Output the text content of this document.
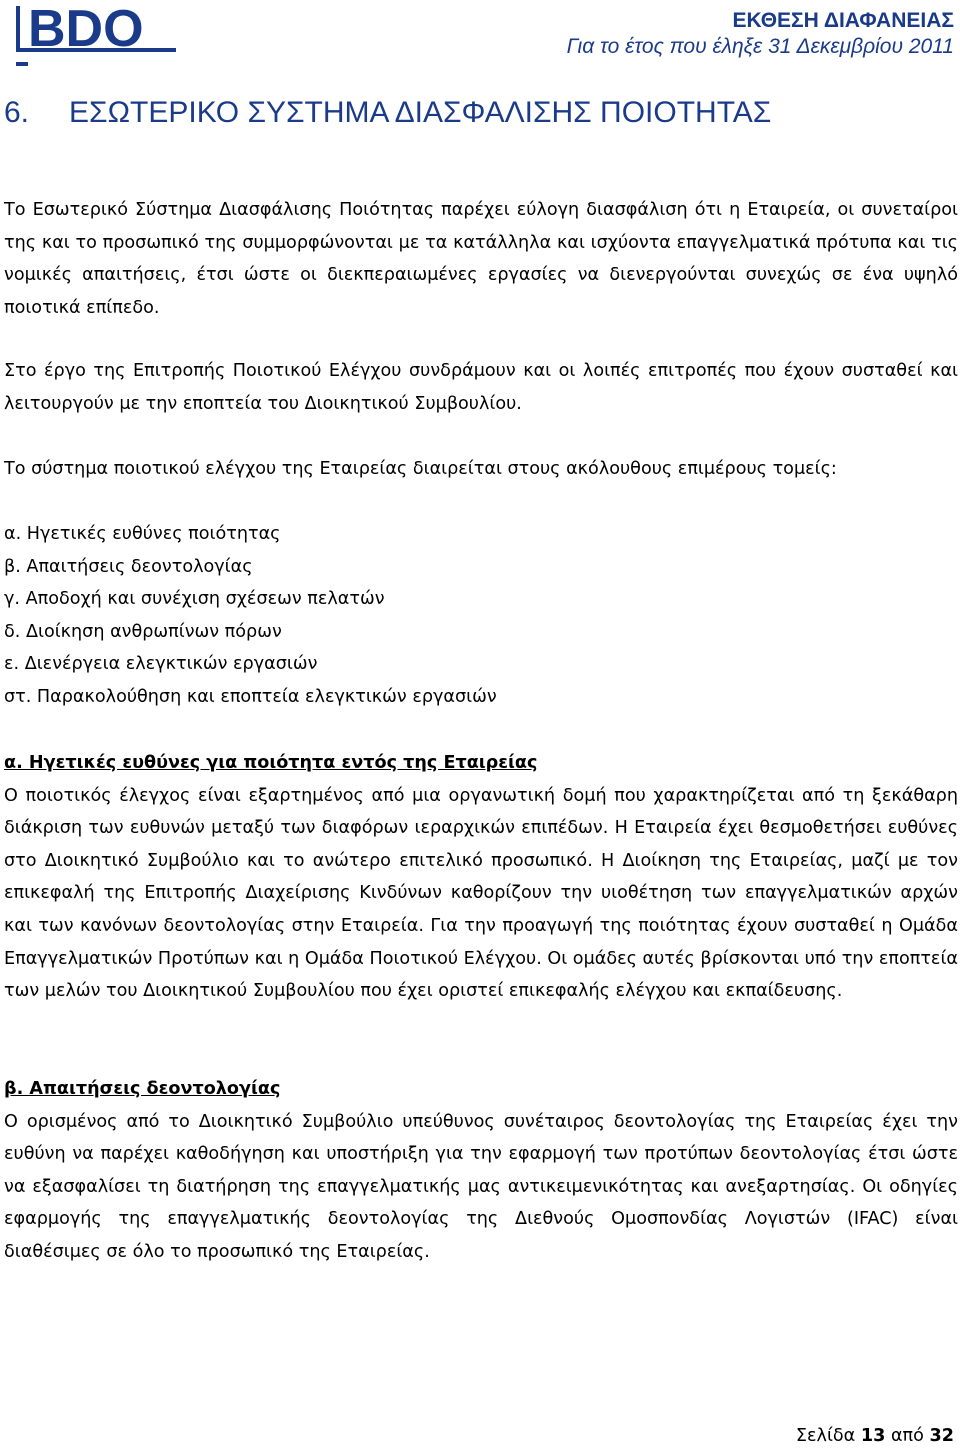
BDO	ΕΚΘΕΣΗ ΔΙΑΦΑΝΕΙΑΣ
Για το έτος που έληξε 31 Δεκεμβρίου 2011
6. ΕΣΩΤΕΡΙΚΟ ΣΥΣΤΗΜΑ ΔΙΑΣΦΑΛΙΣΗΣ ΠΟΙΟΤΗΤΑΣ

Το Εσωτερικό Σύστημα Διασφάλισης Ποιότητας παρέχει εύλογη διασφάλιση ότι η Εταιρεία, οι συνεταίροι της και το προσωπικό της συμμορφώνονται με τα κατάλληλα και ισχύοντα επαγγελματικά πρότυπα και τις νομικές απαιτήσεις, έτσι ώστε οι διεκπεραιωμένες εργασίες να διενεργούνται συνεχώς σε ένα υψηλό ποιοτικά επίπεδο.

Στο έργο της Επιτροπής Ποιοτικού Ελέγχου συνδράμουν και οι λοιπές επιτροπές που έχουν συσταθεί και λειτουργούν με την εποπτεία του Διοικητικού Συμβουλίου.

Το σύστημα ποιοτικού ελέγχου της Εταιρείας διαιρείται στους ακόλουθους επιμέρους τομείς:

α. Ηγετικές ευθύνες ποιότητας
β. Απαιτήσεις δεοντολογίας
γ. Αποδοχή και συνέχιση σχέσεων πελατών
δ. Διοίκηση ανθρωπίνων πόρων
ε. Διενέργεια ελεγκτικών εργασιών
στ. Παρακολούθηση και εποπτεία ελεγκτικών εργασιών
α. Ηγετικές ευθύνες για ποιότητα εντός της Εταιρείας

Ο ποιοτικός έλεγχος είναι εξαρτημένος από μια οργανωτική δομή που χαρακτηρίζεται από τη ξεκάθαρη διάκριση των ευθυνών μεταξύ των διαφόρων ιεραρχικών επιπέδων. Η Εταιρεία έχει θεσμοθετήσει ευθύνες στο Διοικητικό Συμβούλιο και το ανώτερο επιτελικό προσωπικό. Η Διοίκηση της Εταιρείας, μαζί με τον επικεφαλή της Επιτροπής Διαχείρισης Κινδύνων καθορίζουν την υιοθέτηση των επαγγελματικών αρχών και των κανόνων δεοντολογίας στην Εταιρεία. Για την προαγωγή της ποιότητας έχουν συσταθεί η Ομάδα Επαγγελματικών Προτύπων και η Ομάδα Ποιοτικού Ελέγχου. Οι ομάδες αυτές βρίσκονται υπό την εποπτεία των μελών του Διοικητικού Συμβουλίου που έχει οριστεί επικεφαλής ελέγχου και εκπαίδευσης.

β. Απαιτήσεις δεοντολογίας

Ο ορισμένος από το Διοικητικό Συμβούλιο υπεύθυνος συνέταιρος δεοντολογίας της Εταιρείας έχει την ευθύνη να παρέχει καθοδήγηση και υποστήριξη για την εφαρμογή των προτύπων δεοντολογίας έτσι ώστε να εξασφαλίσει τη διατήρηση της επαγγελματικής μας αντικειμενικότητας και ανεξαρτησίας. Οι οδηγίες εφαρμογής της επαγγελματικής δεοντολογίας της Διεθνούς Ομοσπονδίας Λογιστών (IFAC) είναι διαθέσιμες σε όλο το προσωπικό της Εταιρείας.

Σελίδα 13 από 32
